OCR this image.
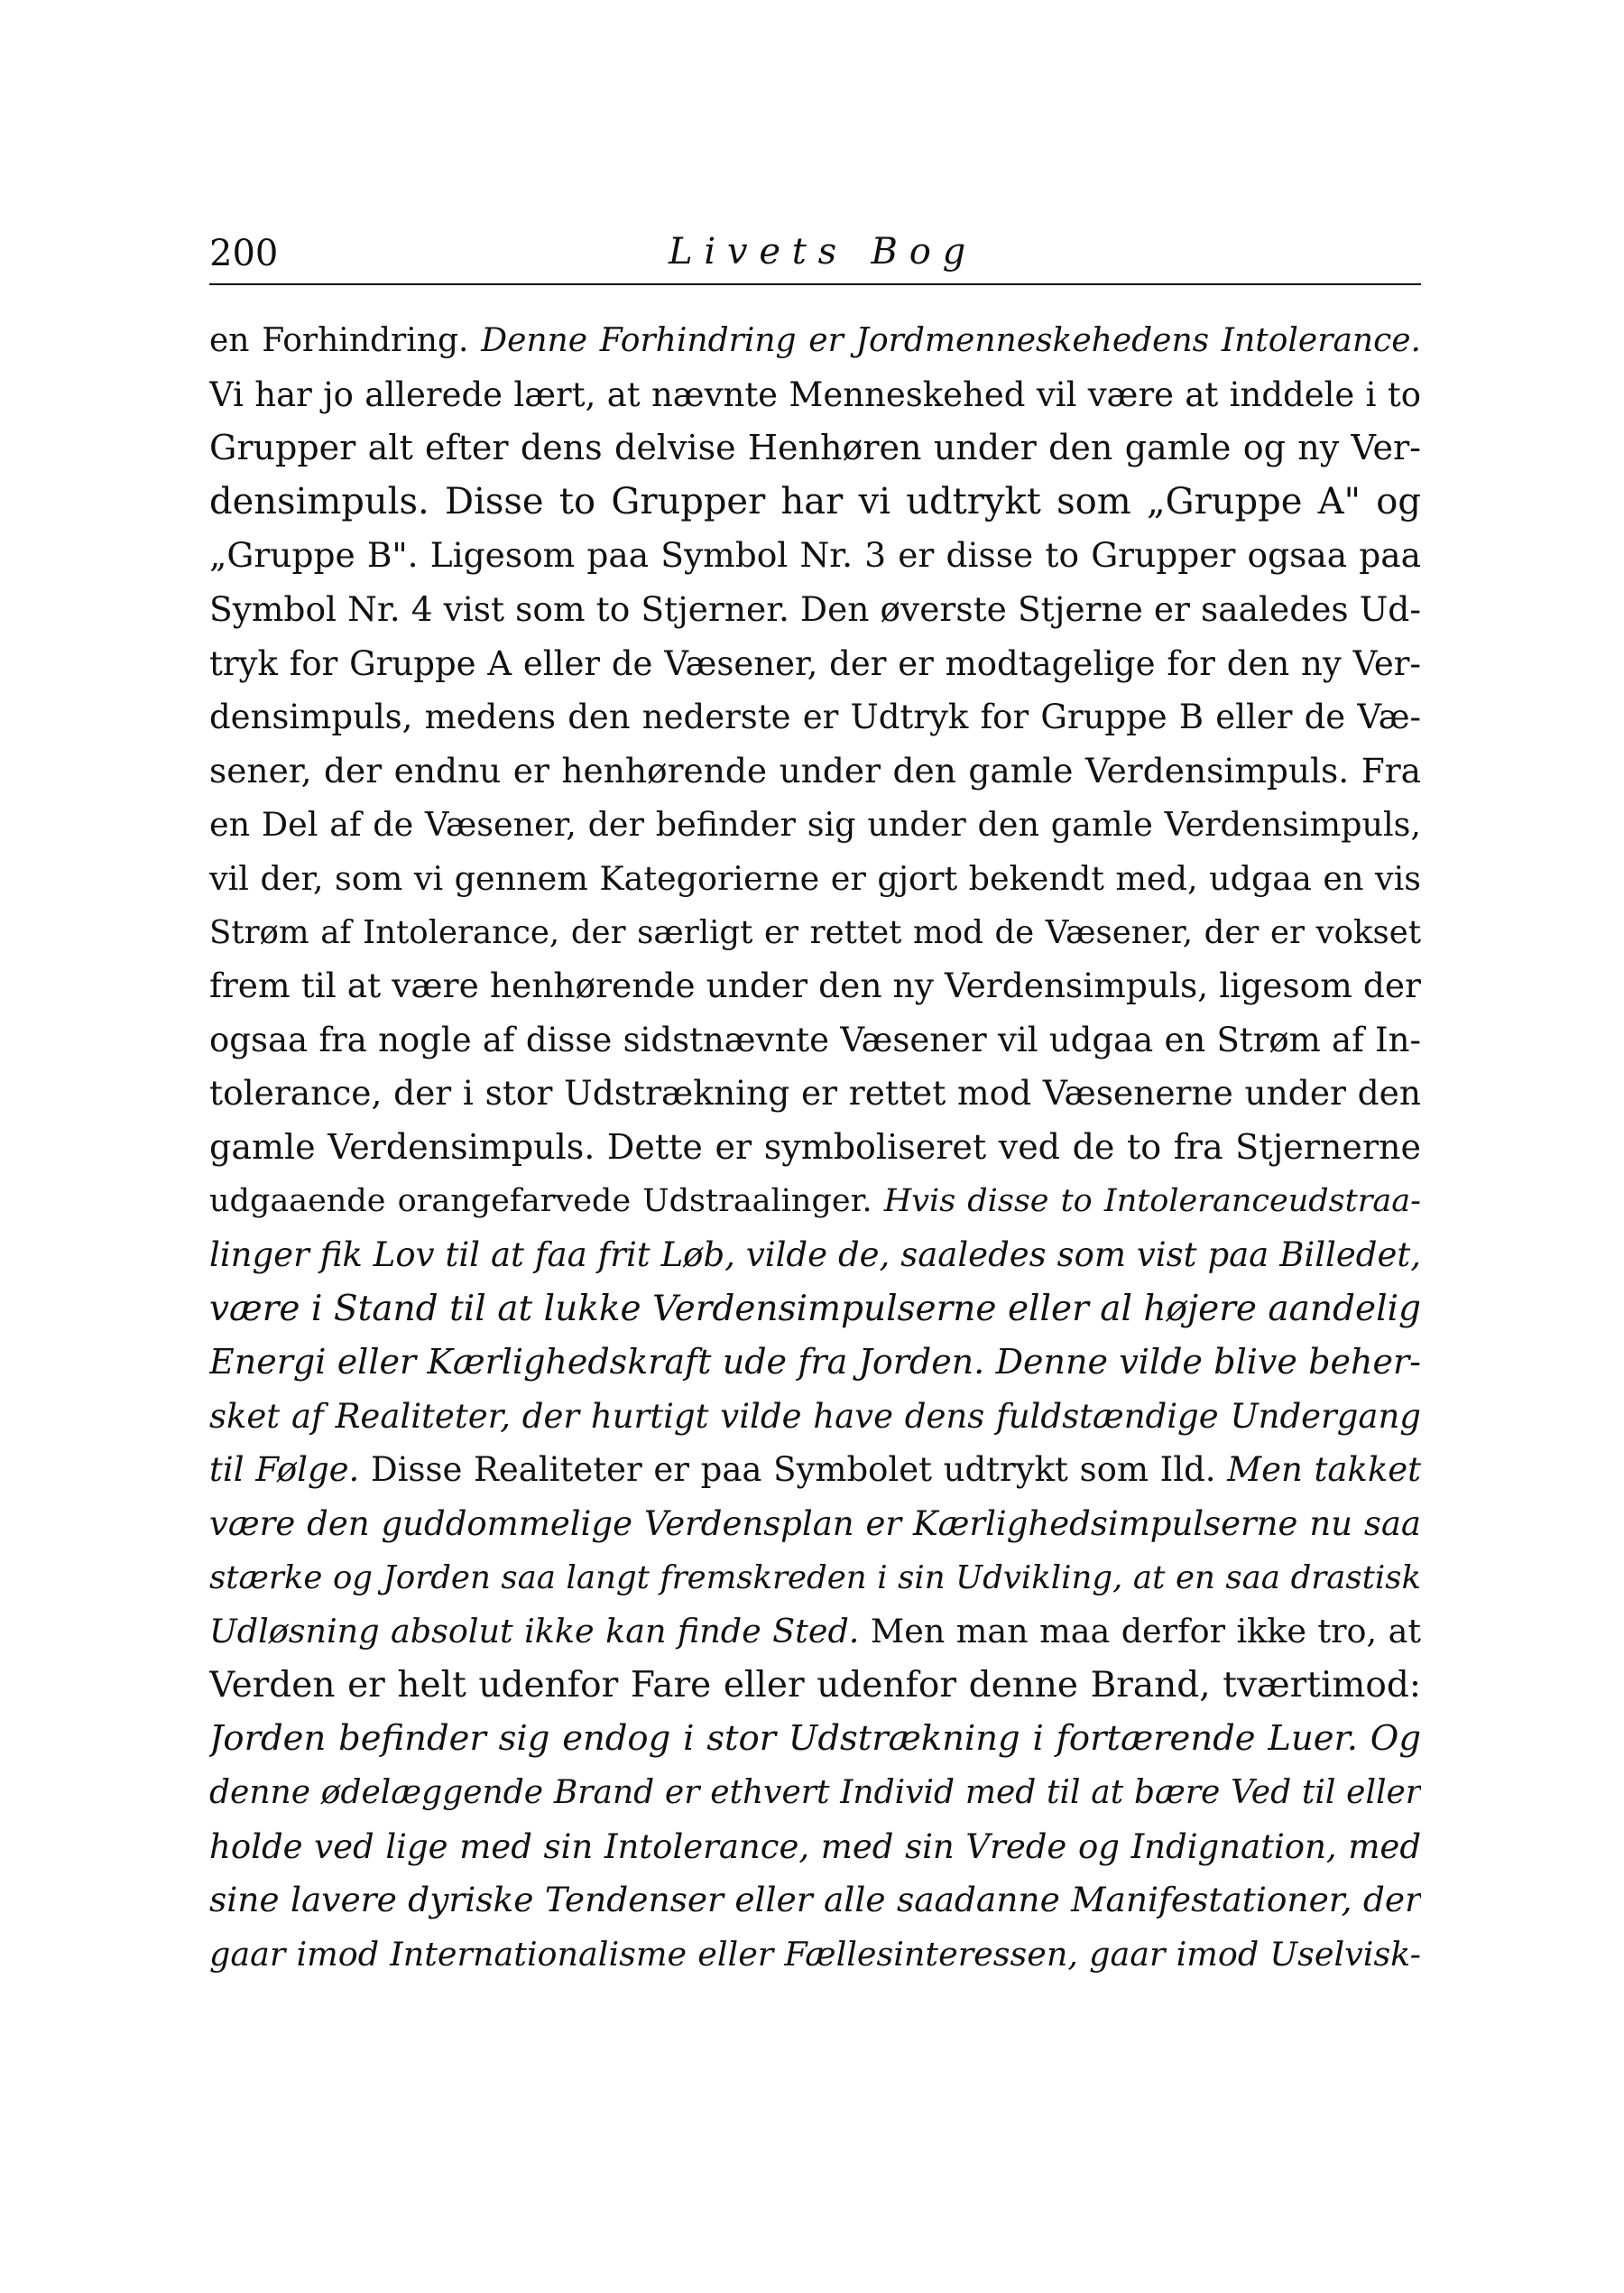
200	Livets Bog
en Forhindring. Denne Forhindring er Jordmenneskehedens Intolerance.
Vi har jo allerede lært, at nævnte Menneskehed vil være at inddele i to
Grupper alt efter dens delvise Henhøren under den gamle og ny Ver-
densimpuls. Disse to Grupper har vi udtrykt som „Gruppe A" og
„Gruppe B". Ligesom paa Symbol Nr. 3 er disse to Grupper ogsaa paa
Symbol Nr. 4 vist som to Stjerner. Den øverste Stjerne er saaledes Ud-
tryk for Gruppe A eller de Væsener, der er modtagelige for den ny Ver-
densimpuls, medens den nederste er Udtryk for Gruppe B eller de Væ-
sener, der endnu er henhørende under den gamle Verdensimpuls. Fra
en Del af de Væsener, der befinder sig under den gamle Verdensimpuls,
vil der, som vi gennem Kategorierne er gjort bekendt med, udgaa en vis
Strøm af Intolerance, der særligt er rettet mod de Væsener, der er vokset
frem til at være henhørende under den ny Verdensimpuls, ligesom der
ogsaa fra nogle af disse sidstnævnte Væsener vil udgaa en Strøm af In-
tolerance, der i stor Udstrækning er rettet mod Væsenerne under den
gamle Verdensimpuls. Dette er symboliseret ved de to fra Stjernerne
udgaaende orangefarvede Udstraalinger. Hvis disse to Intoleranceudstraa-
linger fik Lov til at faa frit Løb, vilde de, saaledes som vist paa Billedet,
være i Stand til at lukke Verdensimpulserne eller al højere aandelig
Energi eller Kærlighedskraft ude fra Jorden. Denne vilde blive beher-
sket af Realiteter, der hurtigt vilde have dens fuldstændige Undergang
til Følge. Disse Realiteter er paa Symbolet udtrykt som Ild. Men takket
være den guddommelige Verdensplan er Kærlighedsimpulserne nu saa
stærke og Jorden saa langt fremskreden i sin Udvikling, at en saa drastisk
Udløsning absolut ikke kan finde Sted. Men man maa derfor ikke tro, at
Verden er helt udenfor Fare eller udenfor denne Brand, tværtimod:
Jorden befinder sig endog i stor Udstrækning i fortærende Luer. Og
denne ødelæggende Brand er ethvert Individ med til at bære Ved til eller
holde ved lige med sin Intolerance, med sin Vrede og Indignation, med
sine lavere dyriske Tendenser eller alle saadanne Manifestationer, der
gaar imod Internationalisme eller Fællesinteressen, gaar imod Uselvisk-
